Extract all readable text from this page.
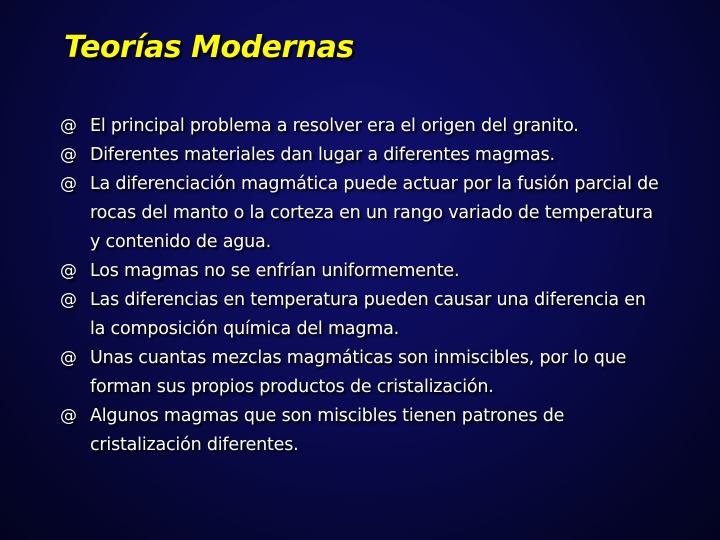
Teorías Modernas
@ El principal problema a resolver era el origen del granito.
@ Diferentes materiales dan lugar a diferentes magmas.
@ La diferenciación magmática puede actuar por la fusión parcial de rocas del manto o la corteza en un rango variado de temperatura y contenido de agua.
@ Los magmas no se enfrían uniformemente.
@ Las diferencias en temperatura pueden causar una diferencia en la composición química del magma.
@ Unas cuantas mezclas magmáticas son inmiscibles, por lo que forman sus propios productos de cristalización.
@ Algunos magmas que son miscibles tienen patrones de cristalización diferentes.
